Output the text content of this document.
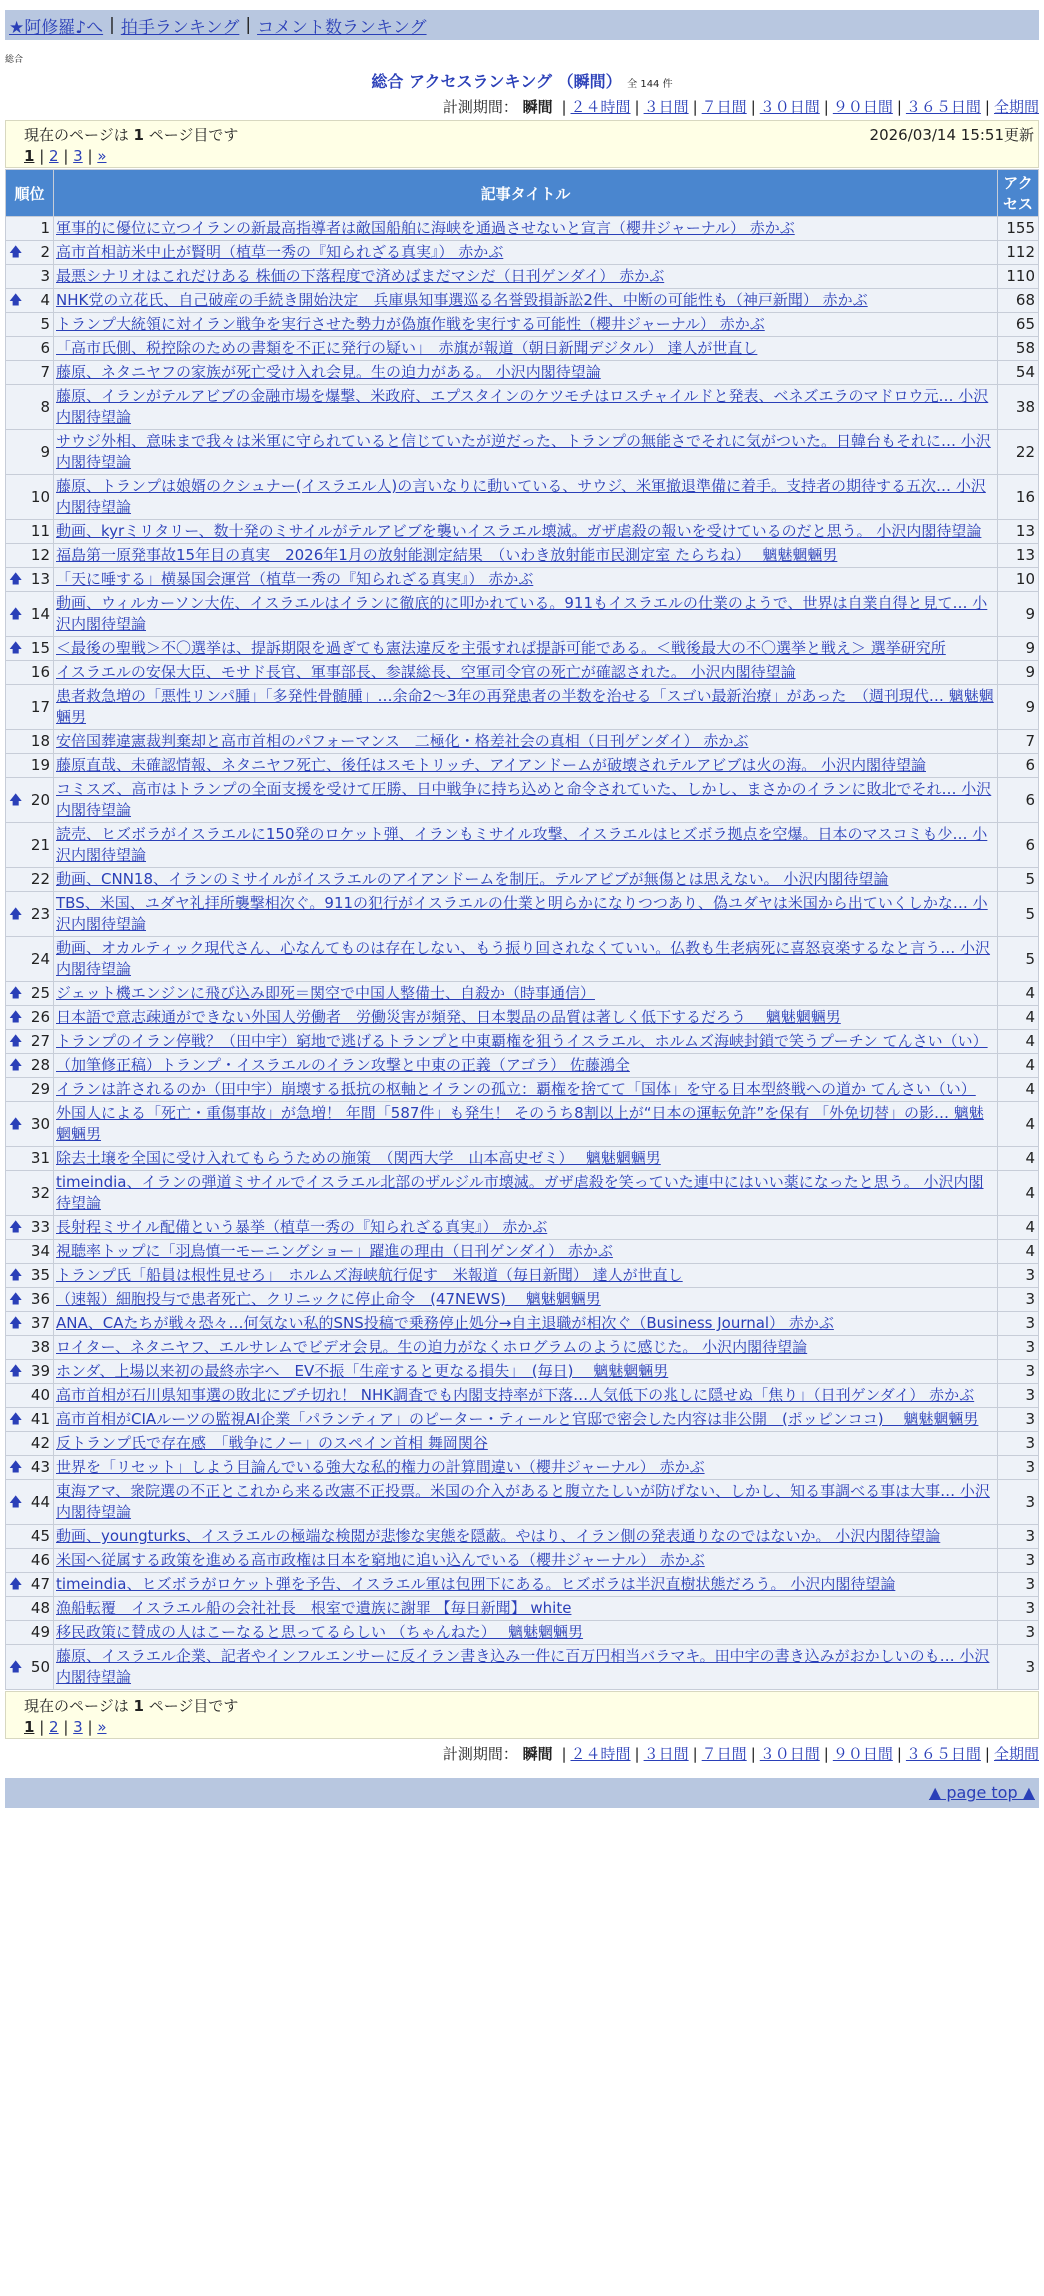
★阿修羅♪へ | 拍手ランキング | コメント数ランキング
総合
総合 アクセスランキング （瞬間） 全 144 件
計測期間： 瞬間 | ２４時間 | ３日間 | ７日間 | ３０日間 | ９０日間 | ３６５日間 | 全期間
現在のページは 1 ページ目です	2026/03/14 15:51更新
1 | 2 | 3 | »
順位	記事タイトル	アクセス
1	軍事的に優位に立つイランの新最高指導者は敵国船舶に海峡を通過させないと宣言（櫻井ジャーナル） 赤かぶ	155

🡅 2	高市首相訪米中止が賢明（植草一秀の『知られざる真実』） 赤かぶ	112
3	最悪シナリオはこれだけある 株価の下落程度で済めばまだマシだ（日刊ゲンダイ） 赤かぶ	110

🡅 4	NHK党の立花氏、自己破産の手続き開始決定　兵庫県知事選巡る名誉毀損訴訟2件、中断の可能性も（神戸新聞） 赤かぶ	68
5	トランプ大統領に対イラン戦争を実行させた勢力が偽旗作戦を実行する可能性（櫻井ジャーナル） 赤かぶ	65
6	「高市氏側、税控除のための書類を不正に発行の疑い」　赤旗が報道（朝日新聞デジタル） 達人が世直し	58
7	藤原、ネタニヤフの家族が死亡受け入れ会見。生の迫力がある。 小沢内閣待望論	54
8	藤原、イランがテルアビブの金融市場を爆撃、米政府、エプスタインのケツモチはロスチャイルドと発表、ベネズエラのマドロウ元… 小沢内閣待望論	38
9	サウジ外相、意味まで我々は米軍に守られていると信じていたが逆だった、トランプの無能さでそれに気がついた。日韓台もそれに… 小沢内閣待望論	22
10	藤原、トランプは娘婿のクシュナー(イスラエル人)の言いなりに動いている、サウジ、米軍撤退準備に着手。支持者の期待する五次… 小沢内閣待望論	16
11	動画、kyrミリタリー、数十発のミサイルがテルアビブを襲いイスラエル壊滅。ガザ虐殺の報いを受けているのだと思う。 小沢内閣待望論	13
12	福島第一原発事故15年目の真実　2026年1月の放射能測定結果　（いわき放射能市民測定室 たらちね）　 魑魅魍魎男	13

🡅 13	「天に唾する」横暴国会運営（植草一秀の『知られざる真実』） 赤かぶ	10

🡅 14	動画、ウィルカーソン大佐、イスラエルはイランに徹底的に叩かれている。911もイスラエルの仕業のようで、世界は自業自得と見て… 小沢内閣待望論	9

🡅 15	＜最後の聖戦＞不〇選挙は、提訴期限を過ぎても憲法違反を主張すれば提訴可能である。＜戦後最大の不〇選挙と戦え＞ 選挙研究所	9
16	イスラエルの安保大臣、モサド長官、軍事部長、参謀総長、空軍司令官の死亡が確認された。 小沢内閣待望論	9
17	患者救急増の「悪性リンパ腫」「多発性骨髄腫」…余命2～3年の再発患者の半数を治せる「スゴい最新治療」があった　（週刊現代… 魑魅魍魎男	9
18	安倍国葬違憲裁判棄却と高市首相のパフォーマンス　二極化・格差社会の真相（日刊ゲンダイ） 赤かぶ	7
19	藤原直哉、未確認情報、ネタニヤフ死亡、後任はスモトリッチ、アイアンドームが破壊されテルアビブは火の海。 小沢内閣待望論	6

🡅 20	コミスズ、高市はトランプの全面支援を受けて圧勝、日中戦争に持ち込めと命令されていた、しかし、まさかのイランに敗北でそれ… 小沢内閣待望論	6
21	読売、ヒズボラがイスラエルに150発のロケット弾、イランもミサイル攻撃、イスラエルはヒズボラ拠点を空爆。日本のマスコミも少… 小沢内閣待望論	6
22	動画、CNN18、イランのミサイルがイスラエルのアイアンドームを制圧。テルアビブが無傷とは思えない。 小沢内閣待望論	5

🡅 23	TBS、米国、ユダヤ礼拝所襲撃相次ぐ。911の犯行がイスラエルの仕業と明らかになりつつあり、偽ユダヤは米国から出ていくしかな… 小沢内閣待望論	5
24	動画、オカルティック現代さん、心なんてものは存在しない、もう振り回されなくていい。仏教も生老病死に喜怒哀楽するなと言う… 小沢内閣待望論	5

🡅 25	ジェット機エンジンに飛び込み即死＝関空で中国人整備士、自殺か（時事通信）	4

🡅 26	日本語で意志疎通ができない外国人労働者　労働災害が頻発、日本製品の品質は著しく低下するだろう　 魑魅魍魎男	4

🡅 27	トランプのイラン停戦？（田中宇）窮地で逃げるトランプと中東覇権を狙うイスラエル、ホルムズ海峡封鎖で笑うプーチン てんさい（い）	4

🡅 28	（加筆修正稿）トランプ・イスラエルのイラン攻撃と中東の正義（アゴラ） 佐藤鴻全	4
29	イランは許されるのか（田中宇）崩壊する抵抗の枢軸とイランの孤立：覇権を捨てて「国体」を守る日本型終戦への道か てんさい（い）	4

🡅 30	外国人による「死亡・重傷事故」が急増！ 年間「587件」も発生！ そのうち8割以上が“日本の運転免許”を保有 「外免切替」の影… 魑魅魍魎男	4
31	除去土壌を全国に受け入れてもらうための施策　（関西大学　山本高史ゼミ）　 魑魅魍魎男	4
32	timeindia、イランの弾道ミサイルでイスラエル北部のザルジル市壊滅。ガザ虐殺を笑っていた連中にはいい薬になったと思う。 小沢内閣待望論	4

🡅 33	長射程ミサイル配備という暴挙（植草一秀の『知られざる真実』） 赤かぶ	4
34	視聴率トップに「羽鳥慎一モーニングショー」躍進の理由（日刊ゲンダイ） 赤かぶ	4

🡅 35	トランプ氏「船員は根性見せろ」　ホルムズ海峡航行促す　米報道（毎日新聞） 達人が世直し	3

🡅 36	（速報）細胞投与で患者死亡、クリニックに停止命令　(47NEWS)　 魑魅魍魎男	3

🡅 37	ANA、CAたちが戦々恐々…何気ない私的SNS投稿で乗務停止処分→自主退職が相次ぐ（Business Journal） 赤かぶ	3
38	ロイター、ネタニヤフ、エルサレムでビデオ会見。生の迫力がなくホログラムのように感じた。 小沢内閣待望論	3

🡅 39	ホンダ、上場以来初の最終赤字へ　EV不振「生産すると更なる損失」　(毎日)　 魑魅魍魎男	3
40	高市首相が石川県知事選の敗北にブチ切れ！ NHK調査でも内閣支持率が下落…人気低下の兆しに隠せぬ「焦り」（日刊ゲンダイ） 赤かぶ	3

🡅 41	高市首相がCIAルーツの監視AI企業「パランティア」のピーター・ティールと官邸で密会した内容は非公開　(ポッピンココ)　 魑魅魍魎男	3
42	反トランプ氏で存在感　「戦争にノー」のスペイン首相 舞岡関谷	3

🡅 43	世界を「リセット」しよう目論んでいる強大な私的権力の計算間違い（櫻井ジャーナル） 赤かぶ	3

🡅 44	東海アマ、衆院選の不正とこれから来る改憲不正投票。米国の介入があると腹立たしいが防げない、しかし、知る事調べる事は大事… 小沢内閣待望論	3
45	動画、youngturks、イスラエルの極端な検閲が悲惨な実態を隠蔽。やはり、イラン側の発表通りなのではないか。 小沢内閣待望論	3
46	米国へ従属する政策を進める高市政権は日本を窮地に追い込んでいる（櫻井ジャーナル） 赤かぶ	3

🡅 47	timeindia、ヒズボラがロケット弾を予告、イスラエル軍は包囲下にある。ヒズボラは半沢直樹状態だろう。 小沢内閣待望論	3
48	漁船転覆　イスラエル船の会社社長　根室で遺族に謝罪 【毎日新聞】 white	3
49	移民政策に賛成の人はこーなると思ってるらしい （ちゃんねた）　 魑魅魍魎男	3

🡅 50	藤原、イスラエル企業、記者やインフルエンサーに反イラン書き込み一件に百万円相当バラマキ。田中宇の書き込みがおかしいのも… 小沢内閣待望論	3
現在のページは 1 ページ目です
1 | 2 | 3 | »
計測期間： 瞬間 | ２４時間 | ３日間 | ７日間 | ３０日間 | ９０日間 | ３６５日間 | 全期間
▲ page top ▲
